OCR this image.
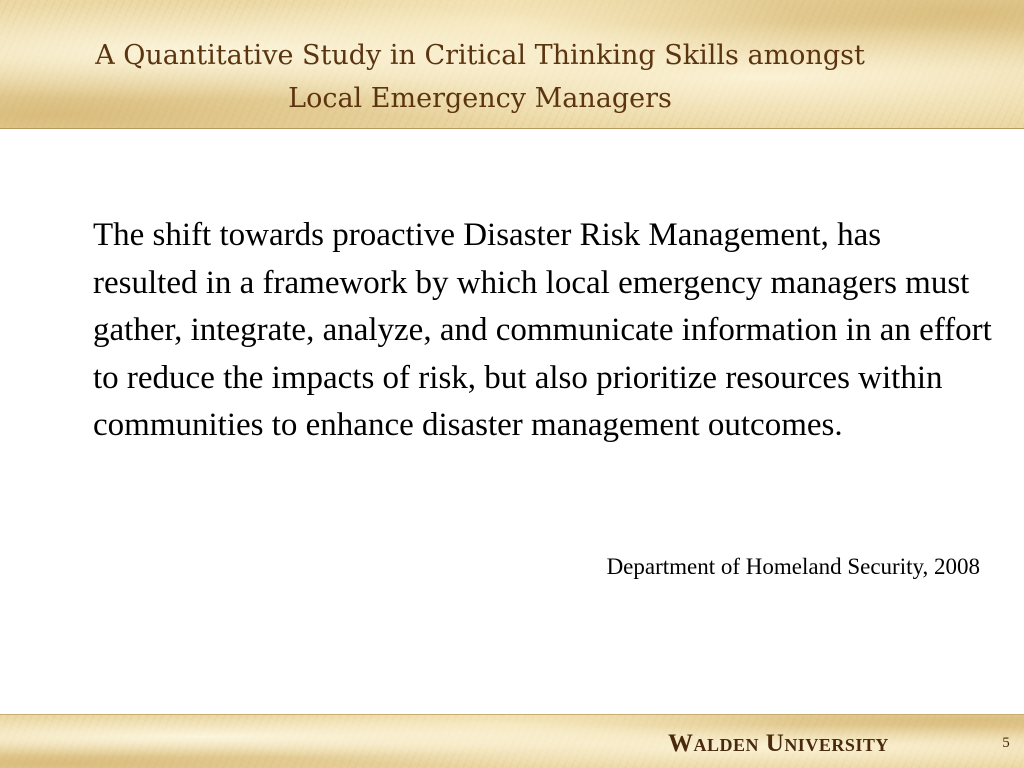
A Quantitative Study in Critical Thinking Skills amongst
Local Emergency Managers

The shift towards proactive Disaster Risk Management, has resulted in a framework by which local emergency managers must gather, integrate, analyze, and communicate information in an effort to reduce the impacts of risk, but also prioritize resources within communities to enhance disaster management outcomes.

Department of Homeland Security, 2008

Walden University	5
